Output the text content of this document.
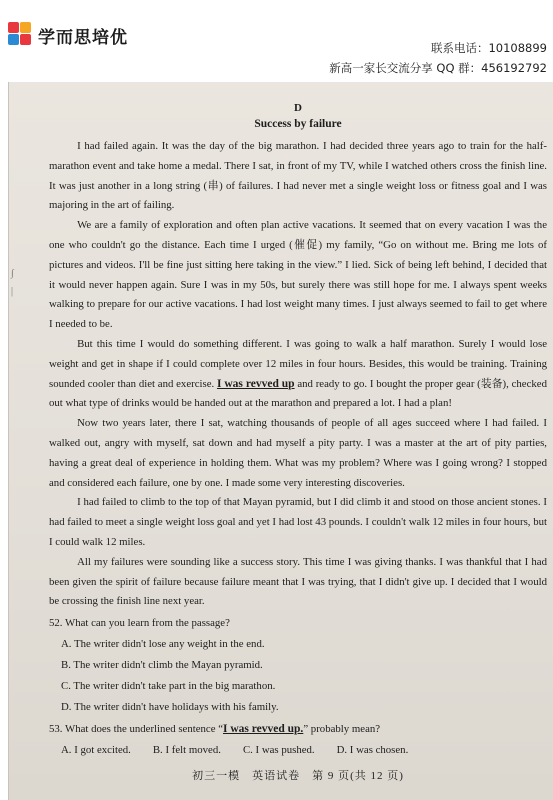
学而思培优
联系电话：10108899
新高一家长交流分享 QQ 群：456192792
∫
|
D
Success by failure

I had failed again. It was the day of the big marathon. I had decided three years ago to train for the half-marathon event and take home a medal. There I sat, in front of my TV, while I watched others cross the finish line. It was just another in a long string (串) of failures. I had never met a single weight loss or fitness goal and I was majoring in the art of failing.

We are a family of exploration and often plan active vacations. It seemed that on every vacation I was the one who couldn't go the distance. Each time I urged (催促) my family, “Go on without me. Bring me lots of pictures and videos. I'll be fine just sitting here taking in the view.” I lied. Sick of being left behind, I decided that it would never happen again. Sure I was in my 50s, but surely there was still hope for me. I always spent weeks walking to prepare for our active vacations. I had lost weight many times. I just always seemed to fail to get where I needed to be.

But this time I would do something different. I was going to walk a half marathon. Surely I would lose weight and get in shape if I could complete over 12 miles in four hours. Besides, this would be training. Training sounded cooler than diet and exercise. I was revved up and ready to go. I bought the proper gear (装备), checked out what type of drinks would be handed out at the marathon and prepared a lot. I had a plan!

Now two years later, there I sat, watching thousands of people of all ages succeed where I had failed. I walked out, angry with myself, sat down and had myself a pity party. I was a master at the art of pity parties, having a great deal of experience in holding them. What was my problem? Where was I going wrong? I stopped and considered each failure, one by one. I made some very interesting discoveries.

I had failed to climb to the top of that Mayan pyramid, but I did climb it and stood on those ancient stones. I had failed to meet a single weight loss goal and yet I had lost 43 pounds. I couldn't walk 12 miles in four hours, but I could walk 12 miles.

All my failures were sounding like a success story. This time I was giving thanks. I was thankful that I had been given the spirit of failure because failure meant that I was trying, that I didn't give up. I decided that I would be crossing the finish line next year.

52. What can you learn from the passage?
A. The writer didn't lose any weight in the end.
B. The writer didn't climb the Mayan pyramid.
C. The writer didn't take part in the big marathon.
D. The writer didn't have holidays with his family.
53. What does the underlined sentence “I was revved up.” probably mean?
A. I got excited. B. I felt moved. C. I was pushed. D. I was chosen.
初三一模　英语试卷　第 9 页(共 12 页)
